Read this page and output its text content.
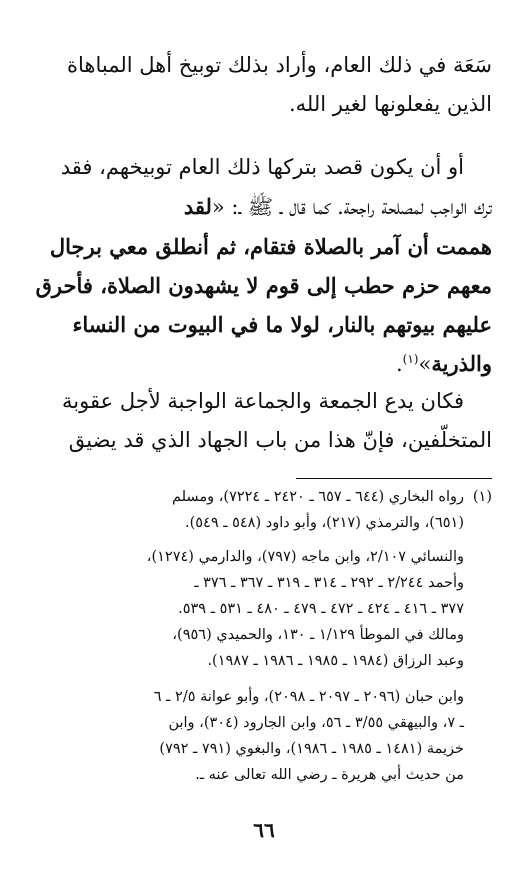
سَعَة في ذلك العام، وأراد بذلك توبيخ أهل المباهاة
الذين يفعلونها لغير الله.
أو أن يكون قصد بتركها ذلك العام توبيخهم، فقد
ترك الواجب لمصلحة راجحة. كما قال ـ ﷺ ـ: «لقد
هممت أن آمر بالصلاة فتقام، ثم أنطلق معي برجال
معهم حزم حطب إلى قوم لا يشهدون الصلاة، فأحرق
عليهم بيوتهم بالنار، لولا ما في البيوت من النساء
والذرية»$^{(١)}$.
فكان يدع الجمعة والجماعة الواجبة لأجل عقوبة
المتخلّفين، فإنّ هذا من باب الجهاد الذي قد يضيق
(١)رواه البخاري (٦٤٤ ـ ٦٥٧ ـ ٢٤٢٠ ـ ٧٢٢٤)، ومسلم
(٦٥١)، والترمذي (٢١٧)، وأبو داود (٥٤٨ ـ ٥٤٩).
والنسائي ٢/١٠٧، وابن ماجه (٧٩٧)، والدارمي (١٢٧٤)،
وأحمد ٢/٢٤٤ ـ ٢٩٢ ـ ٣١٤ ـ ٣١٩ ـ ٣٦٧ ـ ٣٧٦ ـ
٣٧٧ ـ ٤١٦ ـ ٤٢٤ ـ ٤٧٢ ـ ٤٧٩ ـ ٤٨٠ ـ ٥٣١ ـ ٥٣٩.
ومالك في الموطأ ١/١٢٩ ـ ١٣٠، والحميدي (٩٥٦)،
وعبد الرزاق (١٩٨٤ ـ ١٩٨٥ ـ ١٩٨٦ ـ ١٩٨٧).
وابن حبان (٢٠٩٦ ـ ٢٠٩٧ ـ ٢٠٩٨)، وأبو عوانة ٢/٥ ـ ٦
ـ ٧، والبيهقي ٣/٥٥ ـ ٥٦، وابن الجارود (٣٠٤)، وابن
خزيمة (١٤٨١ ـ ١٩٨٥ ـ ١٩٨٦)، والبغوي (٧٩١ ـ ٧٩٢)
من حديث أبي هريرة ـ رضي الله تعالى عنه ـ.
٦٦
